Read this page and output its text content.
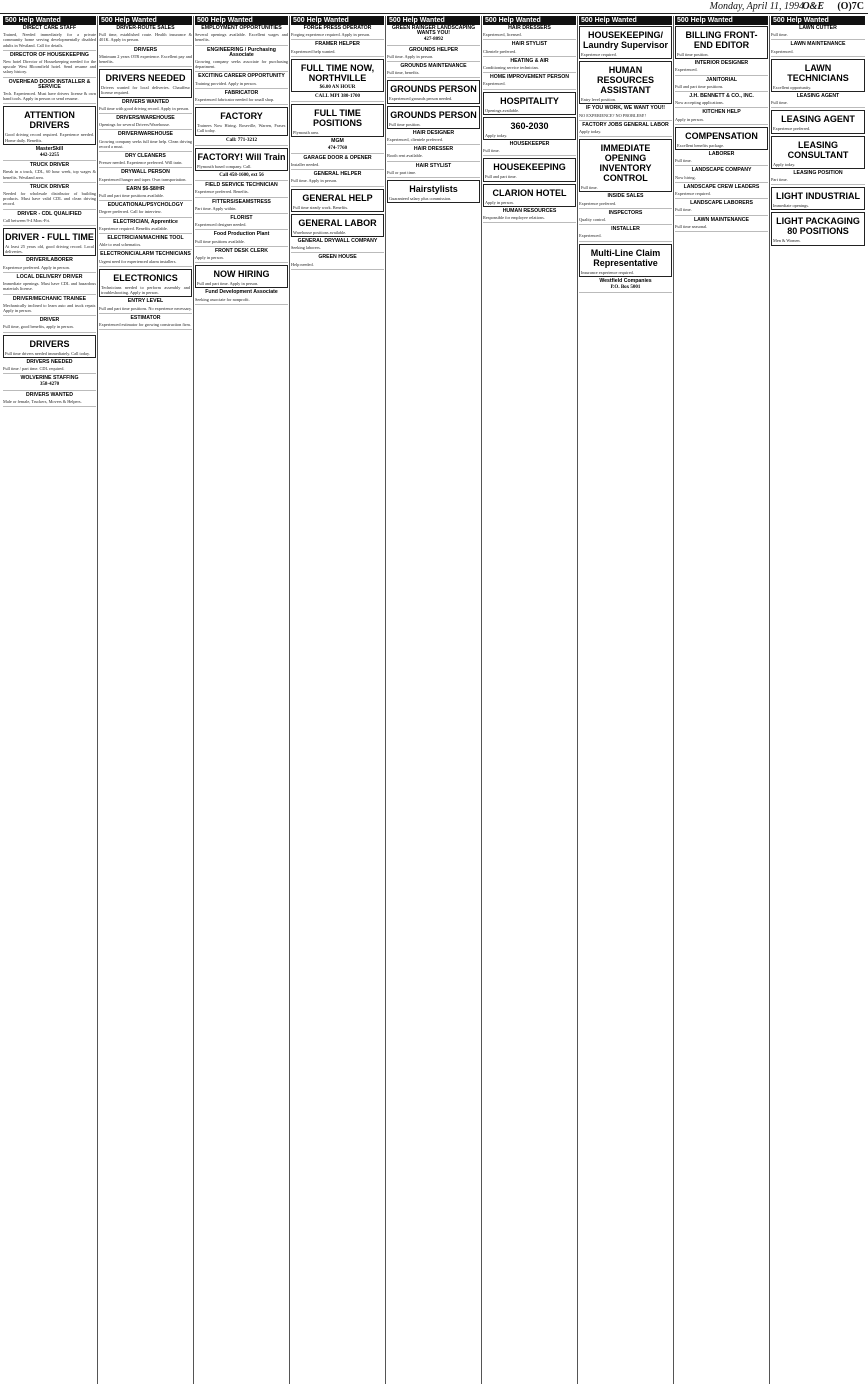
Monday, April 11, 1994
O&E (O)7C
500 Help Wanted
DIRECT CARE STAFF
Trained, Needed immediately for a private community home serving developmentally disabled adults in Westland. Call for details.
DIRECTOR OF HOUSEKEEPING
New hotel Director of Housekeeping needed for the upscale West Bloomfield hotel. Send resume and salary history.
OVERHEAD DOOR INSTALLER & SERVICE
Tech. Experienced. Must have drivers license & own hand tools. Apply in person or send resume.
ATTENTION DRIVERS
Good driving record required. Experience needed. Home daily. Benefits.
MasterSkill
442-2255
TRUCK DRIVER
Break in a truck, CDL, 60 hour week, top wages & benefits. Westland area.
TRUCK DRIVER
Needed for wholesale distributor of building products. Must have valid CDL and clean driving record.
DRIVER - CDL QUALIFIED
Call between 9-4 Mon.-Fri.
DRIVER - FULL TIME
At least 25 years old, good driving record. Local deliveries.
DRIVER/LABORER
Experience preferred. Apply in person.
LOCAL DELIVERY DRIVER
Immediate openings. Must have CDL and hazardous materials license.
DRIVER/MECHANIC TRAINEE
Mechanically inclined to learn auto and truck repair. Apply in person.
DRIVER
Full time, good benefits, apply in person.
DRIVERS
Full time drivers needed immediately. Call today.
DRIVERS NEEDED
Full time / part time. CDL required.
WOLVERINE STAFFING
358-4270
DRIVERS WANTED
Male or female, Truckers, Movers & Helpers.
500 Help Wanted
DRIVER-ROUTE SALES
Full time, established route. Health insurance & 401K. Apply in person.
DRIVERS
Minimum 2 years OTR experience. Excellent pay and benefits.
DRIVERS NEEDED
Drivers wanted for local deliveries. Chauffeur license required.
DRIVERS WANTED
Full time with good driving record. Apply in person.
DRIVERS/WAREHOUSE
Openings for several Drivers/Warehouse.
DRIVER/WAREHOUSE
Growing company seeks full time help. Clean driving record a must.
DRY CLEANERS
Presser needed. Experience preferred. Will train.
DRYWALL PERSON
Experienced hanger and taper. Own transportation.
EARN $6-$8/HR
Full and part time positions available.
EDUCATIONAL/PSYCHOLOGY
Degree preferred. Call for interview.
ELECTRICIAN, Apprentice
Experience required. Benefits available.
ELECTRICIAN/MACHINE TOOL
Able to read schematics.
ELECTRONIC/ALARM TECHNICIANS
Urgent need for experienced alarm installers.
ELECTRONICS
Technicians needed to perform assembly and troubleshooting. Apply in person.
ENTRY LEVEL
Full and part time positions. No experience necessary.
ESTIMATOR
Experienced estimator for growing construction firm.
500 Help Wanted
EMPLOYMENT OPPORTUNITIES
Several openings available. Excellent wages and benefits.
ENGINEERING / Purchasing Associate
Growing company seeks associate for purchasing department.
EXCITING CAREER OPPORTUNITY
Training provided. Apply in person.
FABRICATOR
Experienced fabricator needed for small shop.
FACTORY
Trainees Now Hiring. Roseville, Warren, Fraser. Call today.
Call: 771-3212
FACTORY! Will Train
Plymouth based company. Call.
Call 458-1600, ext 56
FIELD SERVICE TECHNICIAN
Experience preferred. Benefits.
FITTERS/SEAMSTRESS
Part time. Apply within.
FLORIST
Experienced designer needed.
Food Production Plant
Full time positions available.
FRONT DESK CLERK
Apply in person.
NOW HIRING
Full and part time. Apply in person.
Fund Development Associate
Seeking associate for nonprofit.
500 Help Wanted
FORGE PRESS OPERATOR
Forging experience required. Apply in person.
FRAMER HELPER
Experienced help wanted.
FULL TIME NOW, NORTHVILLE
$6.00 AN HOUR
CALL MPI 380-1700
FULL TIME POSITIONS
Plymouth area.
MGM
474-7760
GARAGE DOOR & OPENER
Installer needed.
GENERAL HELPER
Full time. Apply in person.
GENERAL HELP
Full time steady work. Benefits.
GENERAL LABOR
Warehouse positions available.
GENERAL DRYWALL COMPANY
Seeking laborers.
GREEN HOUSE
Help needed.
500 Help Wanted
GREEN RAINGER LANDSCAPING WANTS YOU!
427-8092
GROUNDS HELPER
Full time. Apply in person.
GROUNDS MAINTENANCE
Full time, benefits.
GROUNDS PERSON
Experienced grounds person needed.
GROUNDS PERSON
Full time position.
HAIR DESIGNER
Experienced, clientele preferred.
HAIR DRESSER
Booth rent available.
HAIR STYLIST
Full or part time.
Hairstylists
Guaranteed salary plus commission.
500 Help Wanted
HAIR DRESSERS
Experienced, licensed.
HAIR STYLIST
Clientele preferred.
HEATING & AIR
Conditioning service technician.
HOME IMPROVEMENT PERSON
Experienced.
HOSPITALITY
Openings available.
360-2030
Apply today.
HOUSEKEEPER
Full time.
HOUSEKEEPING
Full and part time.
CLARION HOTEL
Apply in person.
HUMAN RESOURCES
Responsible for employee relations.
500 Help Wanted
HOUSEKEEPING/ Laundry Supervisor
Experience required.
HUMAN RESOURCES ASSISTANT
Entry level position.
IF YOU WORK, WE WANT YOU!!
NO EXPERIENCE? NO PROBLEM!!
FACTORY JOBS GENERAL LABOR
Apply today.
IMMEDIATE OPENING INVENTORY CONTROL
Full time.
INSIDE SALES
Experience preferred.
INSPECTORS
Quality control.
INSTALLER
Experienced.
Multi-Line Claim Representative
Insurance experience required.
Westfield Companies
P.O. Box 5001
500 Help Wanted
BILLING FRONT-END EDITOR
Full time position.
INTERIOR DESIGNER
Experienced.
JANITORIAL
Full and part time positions.
J.H. BENNETT & CO., INC.
Now accepting applications.
KITCHEN HELP
Apply in person.
COMPENSATION
Excellent benefits package.
LABORER
Full time.
LANDSCAPE COMPANY
Now hiring.
LANDSCAPE CREW LEADERS
Experience required.
LANDSCAPE LABORERS
Full time.
LAWN MAINTENANCE
Full time seasonal.
500 Help Wanted
LAWN CUTTER
Full time.
LAWN MAINTENANCE
Experienced.
LAWN TECHNICIANS
Excellent opportunity.
LEASING AGENT
Full time.
LEASING AGENT
Experience preferred.
LEASING CONSULTANT
Apply today.
LEASING POSITION
Part time.
LIGHT INDUSTRIAL
Immediate openings.
LIGHT PACKAGING 80 POSITIONS
Men & Women.
